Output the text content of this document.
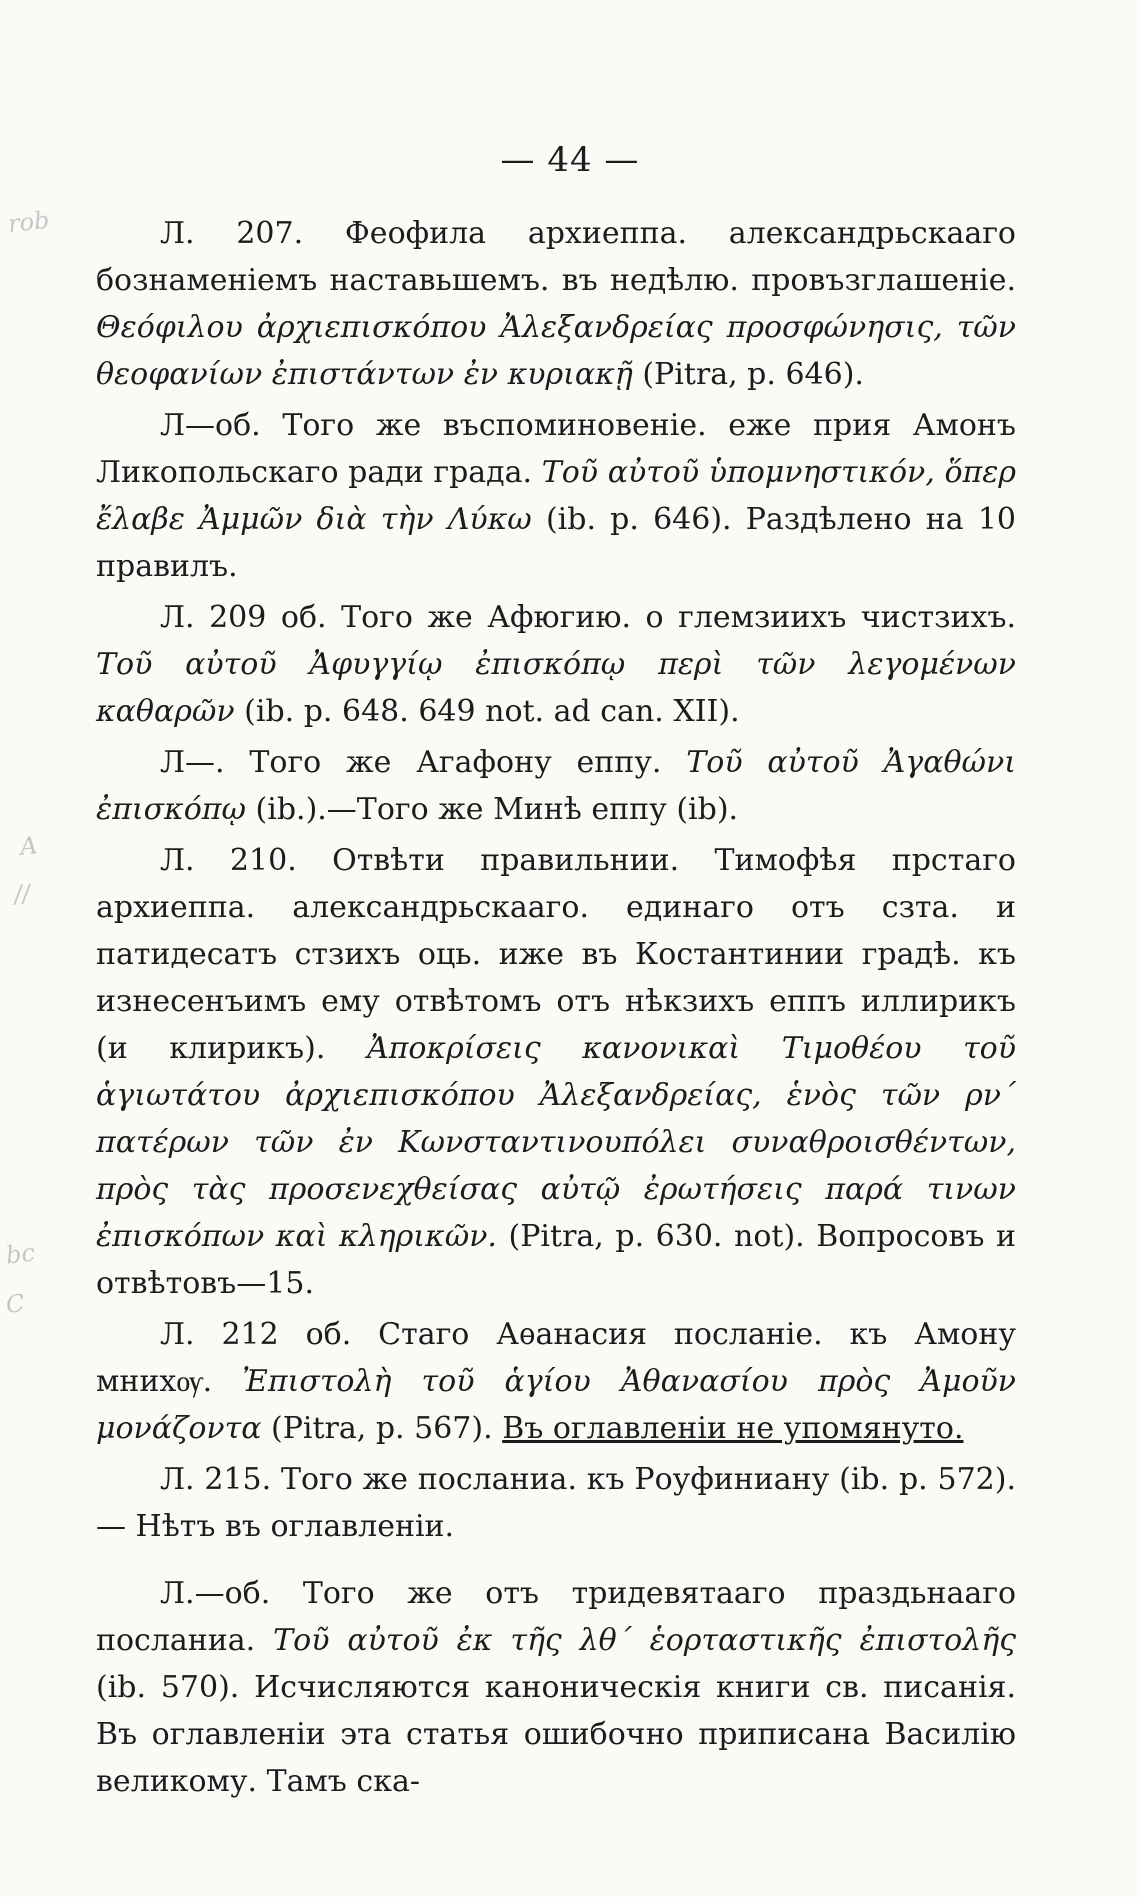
— 44 —
rob
A
bc
//
C

Л. 207. Феофила архиеппа. александрьскааго бознаменіемъ наставьшемъ. въ недѣлю. провъзглашеніе. Θεόφιλου ἀρχιεπισκόπου Ἀλεξανδρείας προσφώνησις, τῶν θεοφανίων ἐπιστάντων ἐν κυριακῇ (Pitra, p. 646).

Л—об. Того же въспоминовеніе. еже прия Амонъ Ликопольскаго ради града. Τοῦ αὐτοῦ ὑπομνηστικόν, ὅπερ ἔλαβε Ἀμμῶν διὰ τὴν Λύκω (ib. p. 646). Раздѣлено на 10 правилъ.

Л. 209 об. Того же Афюгию. о глемзиихъ чистзихъ. Τοῦ αὐτοῦ Ἀφυγγίῳ ἐπισκόπῳ περὶ τῶν λεγομένων καθαρῶν (ib. p. 648. 649 not. ad can. XII).

Л—. Того же Агафону еппу. Τοῦ αὐτοῦ Ἀγαθώνι ἐπισκόπῳ (ib.).—Того же Минѣ еппу (ib).

Л. 210. Отвѣти правильнии. Тимофѣя прстаго архиеппа. александрьскааго. единаго отъ сзта. и патидесатъ стзихъ оць. иже въ Костантинии градѣ. къ изнесенъимъ ему отвѣтомъ отъ нѣкзихъ еппъ иллирикъ (и клирикъ). Ἀποκρίσεις κανονικαὶ Τιμοθέου τοῦ ἁγιωτάτου ἀρχιεπισκόπου Ἀλεξανδρείας, ἑνὸς τῶν ρν´ πατέρων τῶν ἐν Κωνσταντινουπόλει συναθροισθέντων, πρὸς τὰς προσενεχθείσας αὐτῷ ἐρωτήσεις παρά τινων ἐπισκόπων καὶ κληρικῶν. (Pitra, p. 630. not). Вопросовъ и отвѣтовъ—15.

Л. 212 об. Стаго Аѳанасия посланіе. къ Амону мнихѹ. Ἐπιστολὴ τοῦ ἁγίου Ἀθανασίου πρὸς Ἀμοῦν μονάζοντα (Pitra, p. 567). Въ оглавленіи не упомянуто.

Л. 215. Того же посланиа. къ Роуфиниану (ib. p. 572).— Нѣтъ въ оглавленіи.

Л.—об. Того же отъ тридевятааго праздьнааго посланиа. Τοῦ αὐτοῦ ἐκ τῆς λθ´ ἑορταστικῆς ἐπιστολῆς (ib. 570). Исчисляются каноническія книги св. писанія. Въ оглавленіи эта статья ошибочно приписана Василію великому. Тамъ ска-
